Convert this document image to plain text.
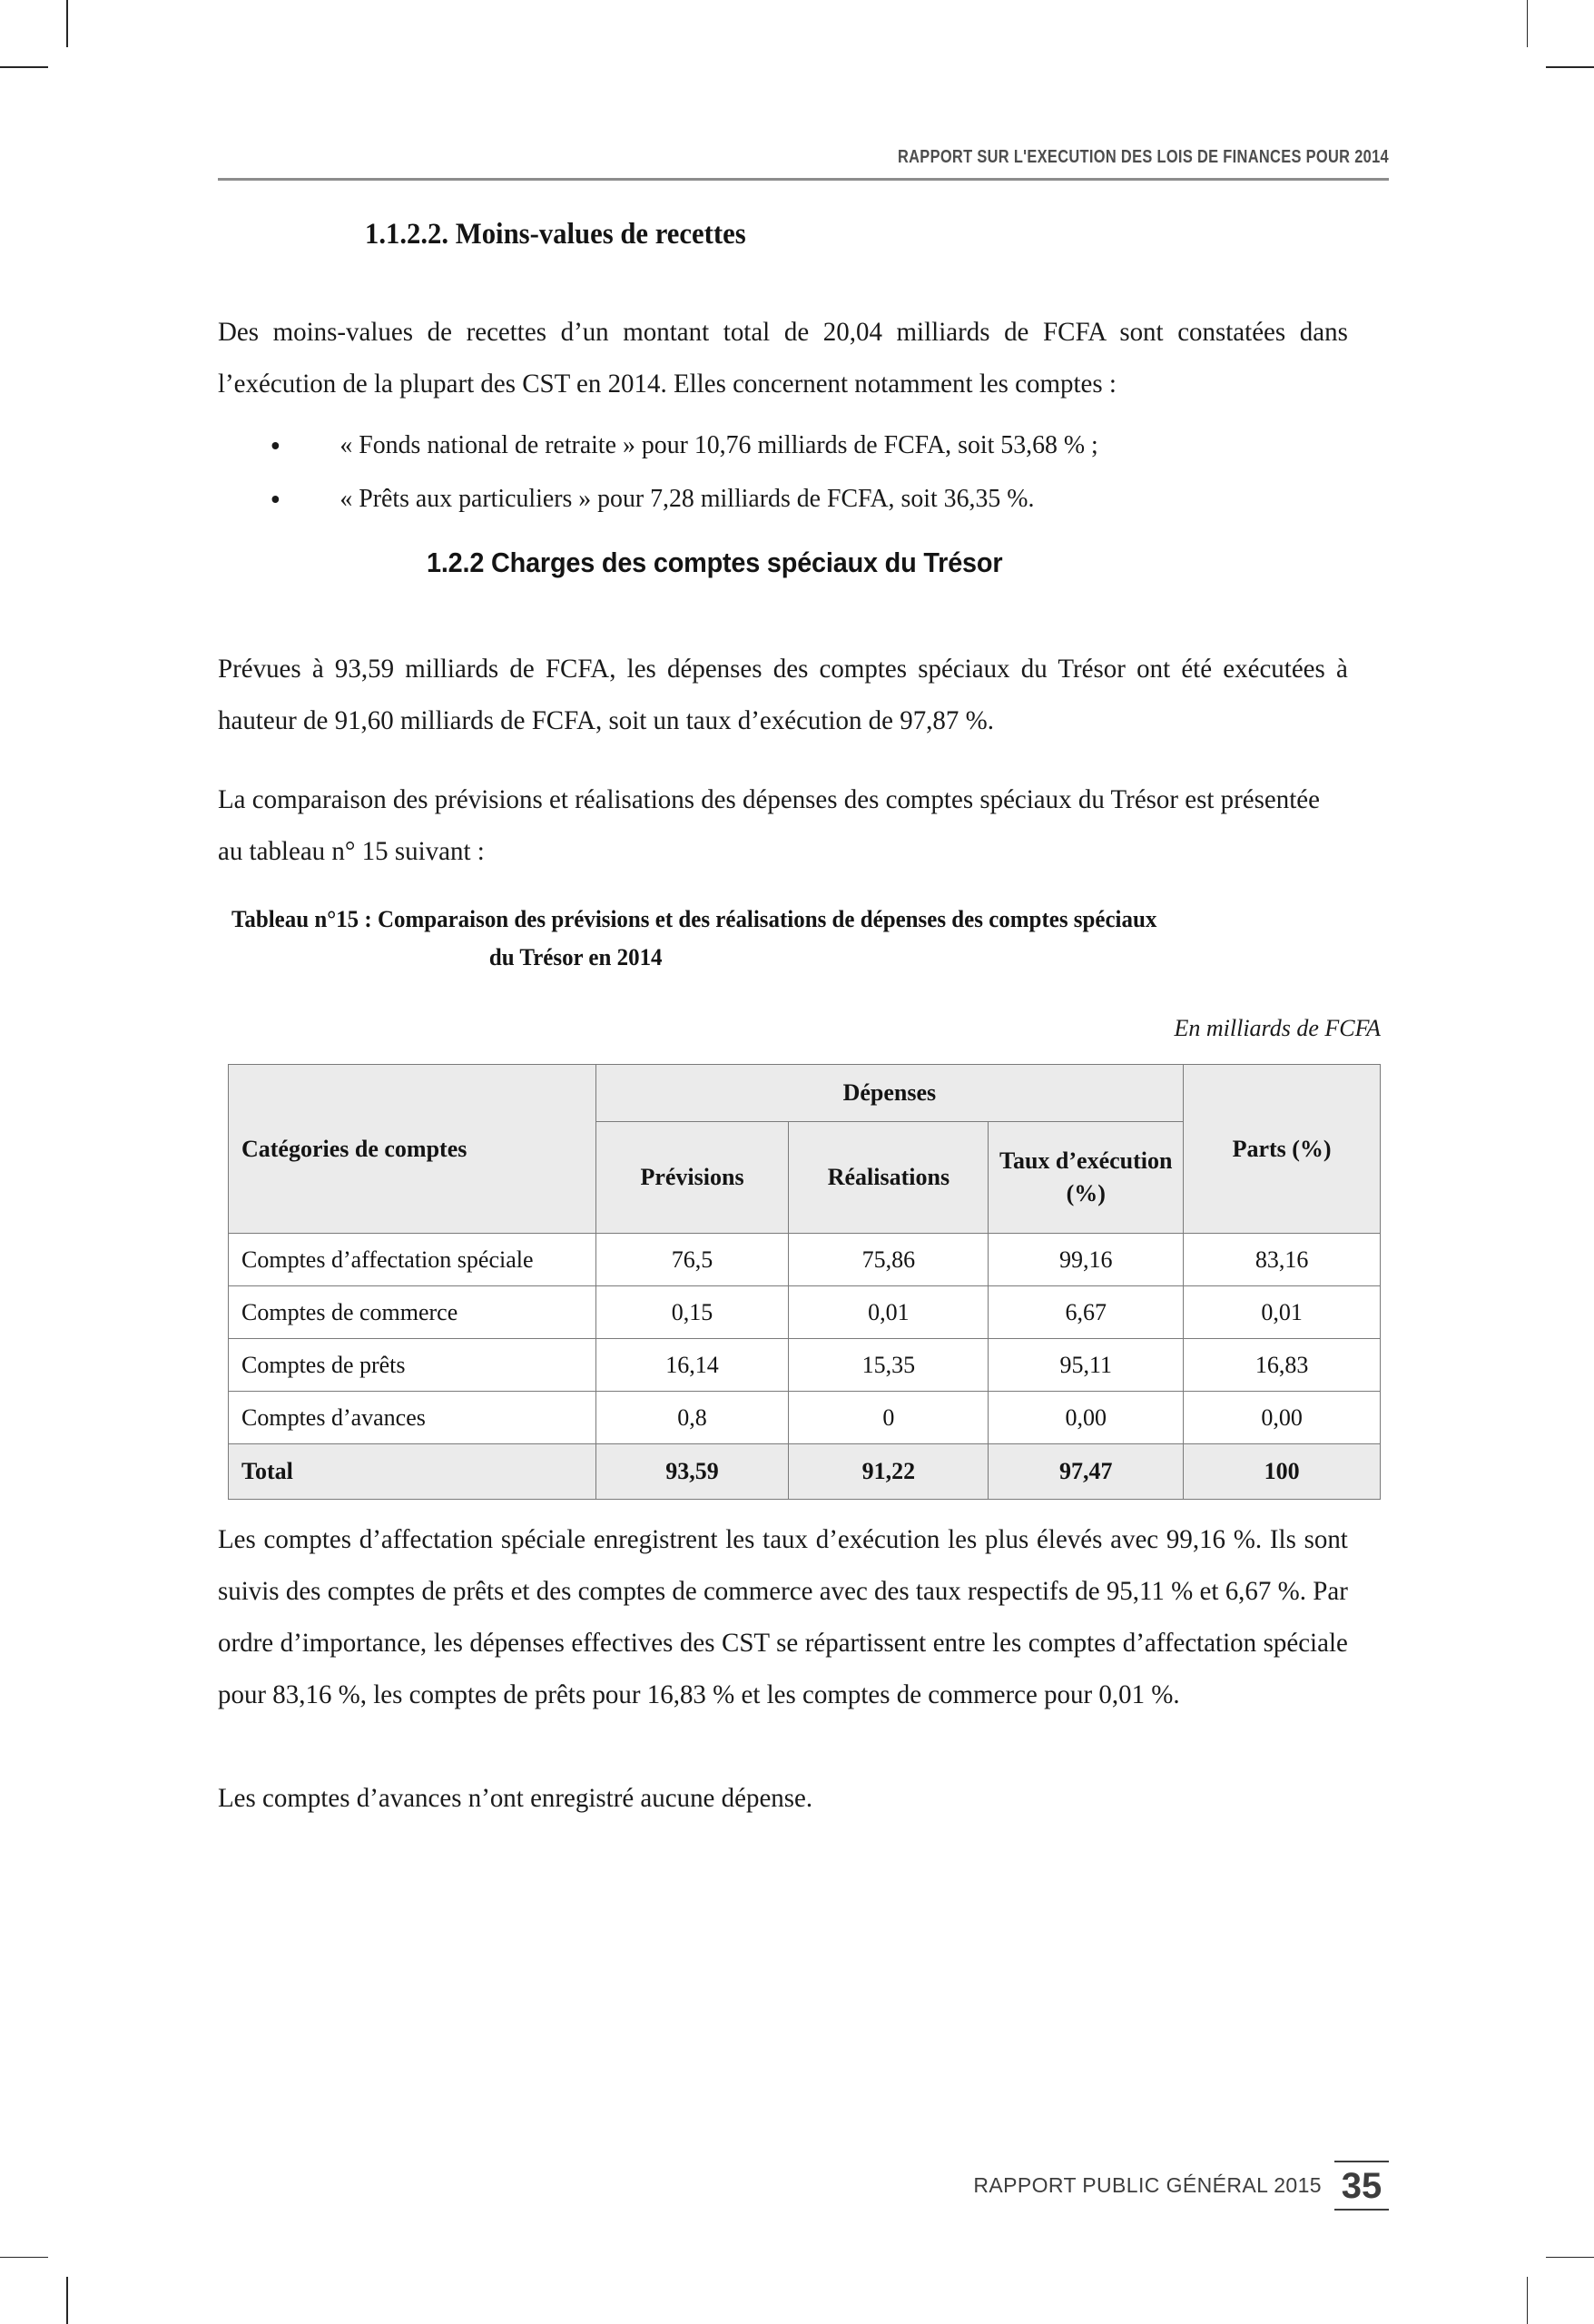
RAPPORT SUR L'EXECUTION DES LOIS DE FINANCES POUR 2014
1.1.2.2. Moins-values de recettes

Des moins-values de recettes d’un montant total de 20,04 milliards de FCFA sont constatées dans l’exécution de la plupart des CST en 2014. Elles concernent notamment les comptes :

« Fonds national de retraite » pour 10,76 milliards de FCFA, soit 53,68 % ;
« Prêts aux particuliers » pour 7,28 milliards de FCFA, soit 36,35 %.
1.2.2 Charges des comptes spéciaux du Trésor

Prévues à 93,59 milliards de FCFA, les dépenses des comptes spéciaux du Trésor ont été exécutées à hauteur de 91,60 milliards de FCFA, soit un taux d’exécution de 97,87 %.

La comparaison des prévisions et réalisations des dépenses des comptes spéciaux du Trésor est présentée au tableau n° 15 suivant :

Tableau n°15 : Comparaison des prévisions et des réalisations de dépenses des comptes spéciaux
du Trésor en 2014
En milliards de FCFA
Catégories de comptes	Dépenses			Parts (%)
	Prévisions	Réalisations	Taux d’exécution (%)	
Comptes d’affectation spéciale	76,5	75,86	99,16	83,16
Comptes de commerce	0,15	0,01	6,67	0,01
Comptes de prêts	16,14	15,35	95,11	16,83
Comptes d’avances	0,8	0	0,00	0,00
Total	93,59	91,22	97,47	100

Les comptes d’affectation spéciale enregistrent les taux d’exécution les plus élevés avec 99,16 %. Ils sont suivis des comptes de prêts et des comptes de commerce avec des taux respectifs de 95,11 % et 6,67 %. Par ordre d’importance, les dépenses effectives des CST se répartissent entre les comptes d’affectation spéciale pour 83,16 %, les comptes de prêts pour 16,83 % et les comptes de commerce pour 0,01 %.

Les comptes d’avances n’ont enregistré aucune dépense.

RAPPORT PUBLIC GÉNÉRAL 2015 35
